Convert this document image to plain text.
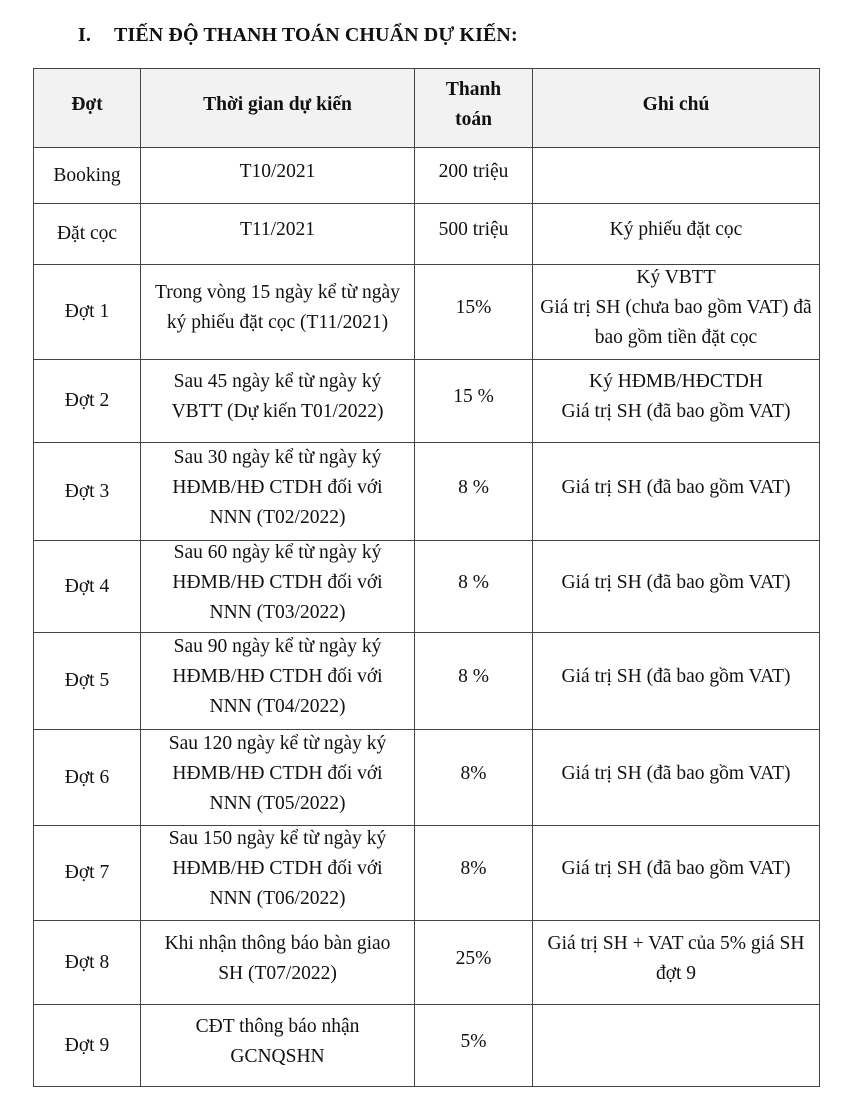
I. TIẾN ĐỘ THANH TOÁN CHUẨN DỰ KIẾN:
Đợt	Thời gian dự kiến	Thanh toán	Ghi chú

Booking	T10/2021	200 triệu	

Đặt cọc	T11/2021	500 triệu	Ký phiếu đặt cọc

Đợt 1	Trong vòng 15 ngày kể từ ngày ký phiếu đặt cọc (T11/2021)	15%	Ký VBTT
Giá trị SH (chưa bao gồm VAT) đã bao gồm tiền đặt cọc

Đợt 2	Sau 45 ngày kể từ ngày ký VBTT (Dự kiến T01/2022)	15 %	Ký HĐMB/HĐCTDH
Giá trị SH (đã bao gồm VAT)

Đợt 3	Sau 30 ngày kể từ ngày ký HĐMB/HĐ CTDH đối với NNN (T02/2022)	8 %	Giá trị SH (đã bao gồm VAT)

Đợt 4	Sau 60 ngày kể từ ngày ký HĐMB/HĐ CTDH đối với NNN (T03/2022)	8 %	Giá trị SH (đã bao gồm VAT)

Đợt 5	Sau 90 ngày kể từ ngày ký HĐMB/HĐ CTDH đối với NNN (T04/2022)	8 %	Giá trị SH (đã bao gồm VAT)

Đợt 6	Sau 120 ngày kể từ ngày ký HĐMB/HĐ CTDH đối với NNN (T05/2022)	8%	Giá trị SH (đã bao gồm VAT)

Đợt 7	Sau 150 ngày kể từ ngày ký HĐMB/HĐ CTDH đối với NNN (T06/2022)	8%	Giá trị SH (đã bao gồm VAT)

Đợt 8	Khi nhận thông báo bàn giao SH (T07/2022)	25%	Giá trị SH + VAT của 5% giá SH đợt 9

Đợt 9	CĐT thông báo nhận GCNQSHN	5%	
